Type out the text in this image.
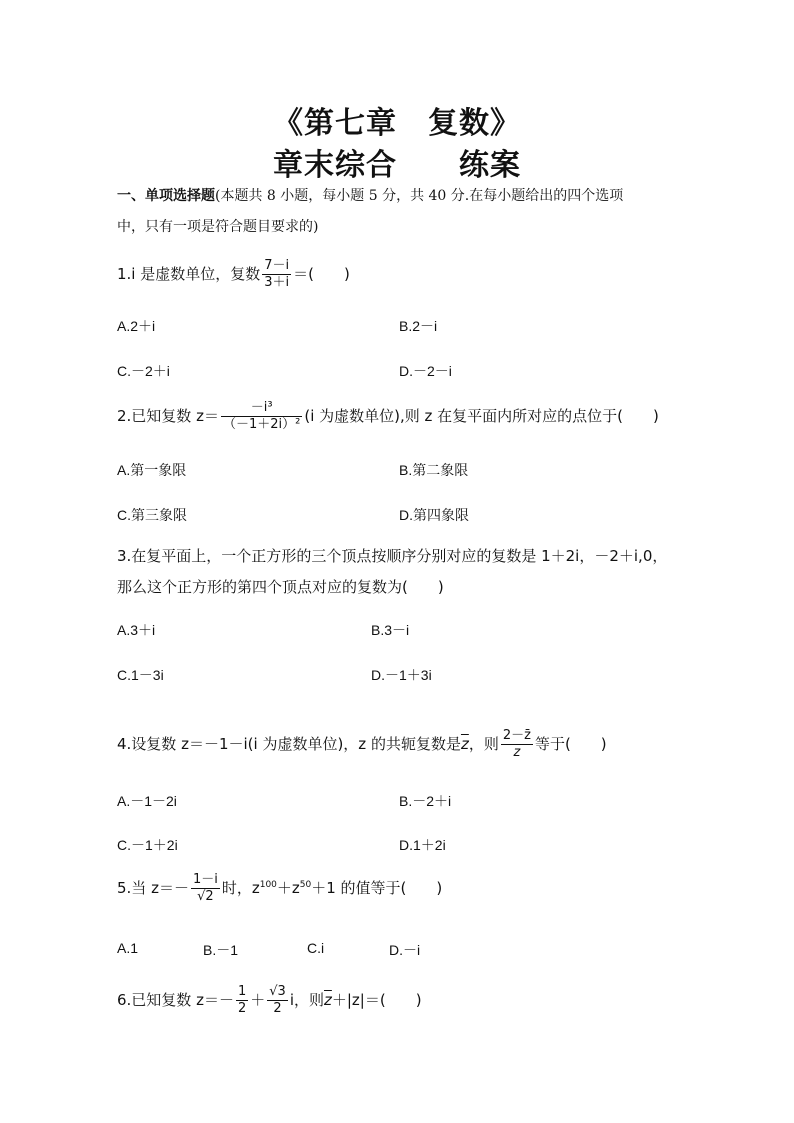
《第七章　复数》
章末综合　　练案
一、单项选择题(本题共 8 小题，每小题 5 分，共 40 分.在每小题给出的四个选项
中，只有一项是符合题目要求的)
1.i 是虚数单位，复数 $\frac{7-i}{3+i}$ ＝(　　)
A.2＋i	B.2－i
C.－2＋i	D.－2－i
2.已知复数 $z= \frac{\text{－i³}}{\text{（－1＋2i）²}} (i$ 为虚数单位),则 z 在复平面内所对应的点位于(　　)
A.第一象限	B.第二象限
C.第三象限	D.第四象限
3.在复平面上，一个正方形的三个顶点按顺序分别对应的复数是 1＋2i，－2＋i,0，
那么这个正方形的第四个顶点对应的复数为(　　)
A.3＋i	B.3－i
C.1－3i	D.－1＋3i
4.设复数 z＝－1－i(i 为虚数单位)，z 的共轭复数是$\overline{z}$，则 $\frac{2-z̄}{z}$ 等于(　　)
A.－1－2i	B.－2＋i
C.－1＋2i	D.1＋2i
5.当 $z=- \frac{1-i}{√2}$ 时，$z^{100}+z^{50}+1$ 的值等于(　　)
A.1	B.－1	C.i	D.－i
6.已知复数 $z=- \frac{1}{2} + \frac{√3}{2}$ i，则$\overline{z}+|z|=$(　　)
